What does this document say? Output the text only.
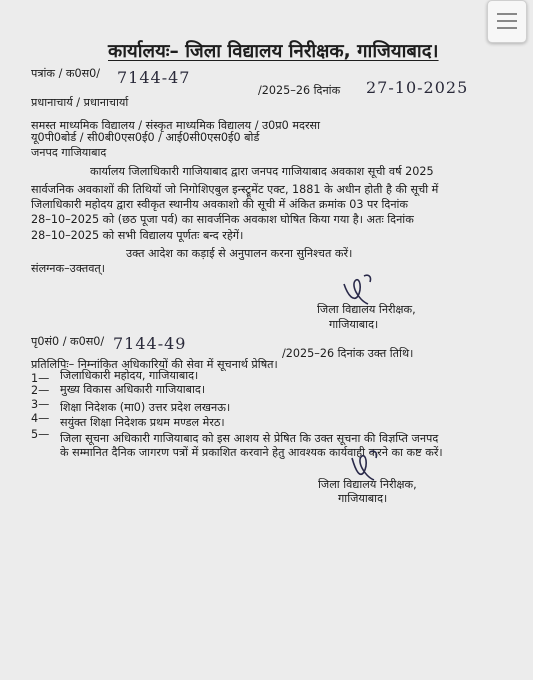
कार्यालयः– जिला विद्यालय निरीक्षक, गाजियाबाद।
पत्रांक / क0स0/ 7144-47
/2025–26 दिनांक 27-10-2025
प्रधानाचार्य / प्रधानाचार्या
समस्त माध्यमिक विद्यालय / संस्कृत माध्यमिक विद्यालय / उ0प्र0 मदरसा
यू0पी0बोर्ड / सी0बी0एस0ई0 / आई0सी0एस0ई0 बोर्ड
जनपद गाजियाबाद
कार्यालय जिलाधिकारी गाजियाबाद द्वारा जनपद गाजियाबाद अवकाश सूची वर्ष 2025
सार्वजनिक अवकाशों की तिथियों जो निगोशिएबुल इन्स्ट्रूमेंट एक्ट, 1881 के अधीन होती है की सूची में
जिलाधिकारी महोदय द्वारा स्वीकृत स्थानीय अवकाशो की सूची में अंकित क्रमांक 03 पर दिनांक
28–10–2025 को (छठ पूजा पर्व) का सावर्जनिक अवकाश घोषित किया गया है। अतः दिनांक
28–10–2025 को सभी विद्यालय पूर्णतः बन्द रहेगें।
उक्त आदेश का कड़ाई से अनुपालन करना सुनिश्चत करें।
संलग्नक–उक्तवत्।
जिला विद्यालय निरीक्षक,
गाजियाबाद।
पृ0सं0 / क0स0/ 7144-49
/2025–26 दिनांक उक्त तिथि।
प्रतिलिपिः– निम्नांकित अधिकारियों की सेवा में सूचनार्थ प्रेषित।
1— जिलाधिकारी महोदय, गाजियाबाद।
2— मुख्य विकास अधिकारी गाजियाबाद।
3— शिक्षा निदेशक (मा0) उत्तर प्रदेश लखनऊ।
4— सयुंक्त शिक्षा निदेशक प्रथम मण्डल मेरठ।
5— जिला सूचना अधिकारी गाजियाबाद को इस आशय से प्रेषित कि उक्त सूचना की विज्ञप्ति जनपद
के सम्मानित दैनिक जागरण पत्रों में प्रकाशित करवाने हेतु आवश्यक कार्यवाही करने का कष्ट करें।
जिला विद्यालय निरीक्षक,
गाजियाबाद।
